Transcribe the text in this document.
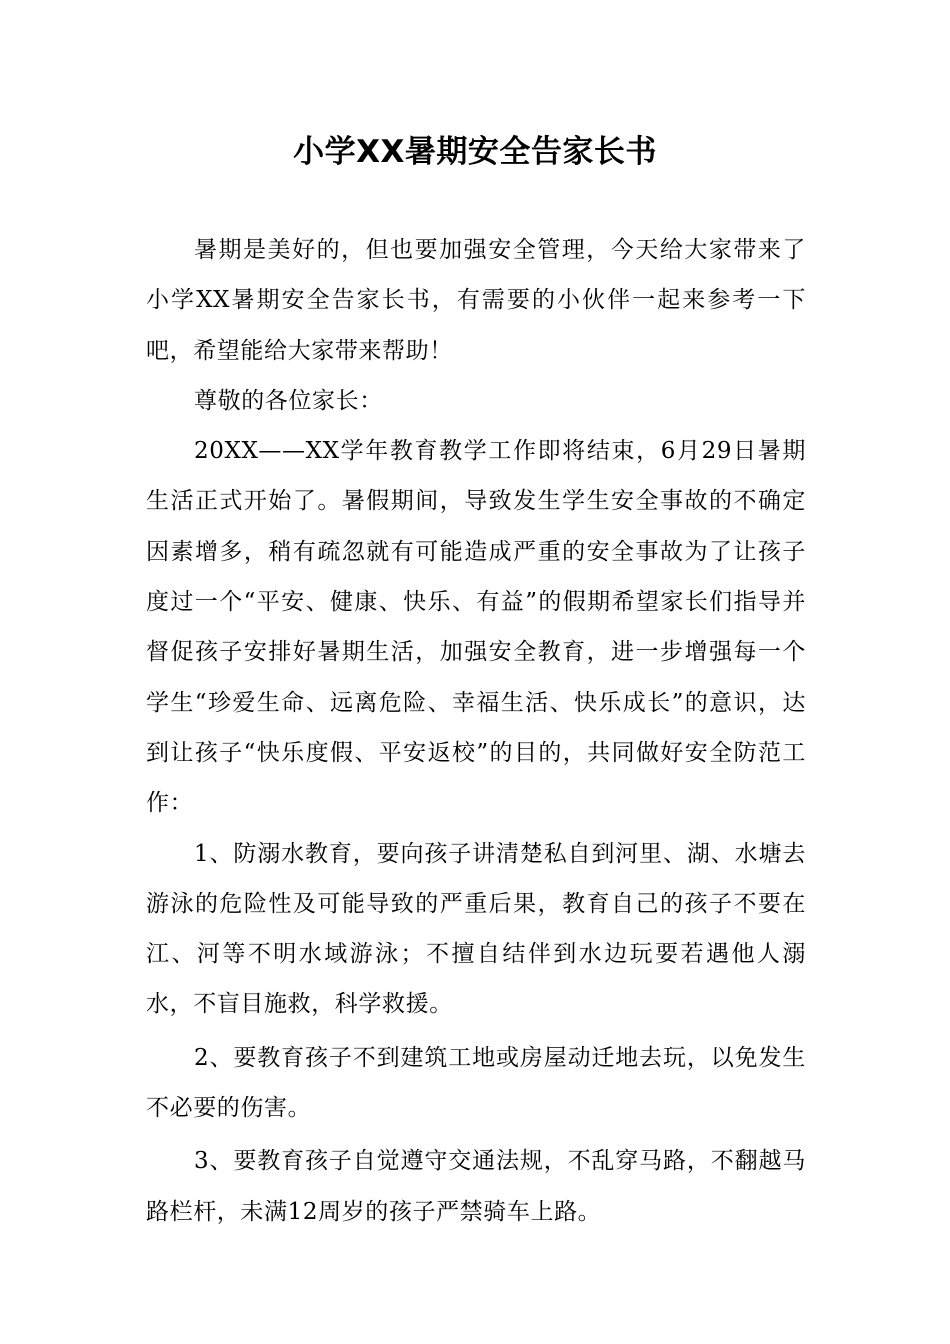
小学XX暑期安全告家长书

暑期是美好的，但也要加强安全管理，今天给大家带来了小学XX暑期安全告家长书，有需要的小伙伴一起来参考一下吧，希望能给大家带来帮助！

尊敬的各位家长：

20XX——XX学年教育教学工作即将结束，6月29日暑期生活正式开始了。暑假期间，导致发生学生安全事故的不确定因素增多，稍有疏忽就有可能造成严重的安全事故为了让孩子度过一个“平安、健康、快乐、有益”的假期希望家长们指导并督促孩子安排好暑期生活，加强安全教育，进一步增强每一个学生“珍爱生命、远离危险、幸福生活、快乐成长”的意识，达到让孩子“快乐度假、平安返校”的目的，共同做好安全防范工作：

1、防溺水教育，要向孩子讲清楚私自到河里、湖、水塘去游泳的危险性及可能导致的严重后果，教育自己的孩子不要在江、河等不明水域游泳；不擅自结伴到水边玩要若遇他人溺水，不盲目施救，科学救援。

2、要教育孩子不到建筑工地或房屋动迁地去玩，以免发生不必要的伤害。

3、要教育孩子自觉遵守交通法规，不乱穿马路，不翻越马路栏杆，未满12周岁的孩子严禁骑车上路。
